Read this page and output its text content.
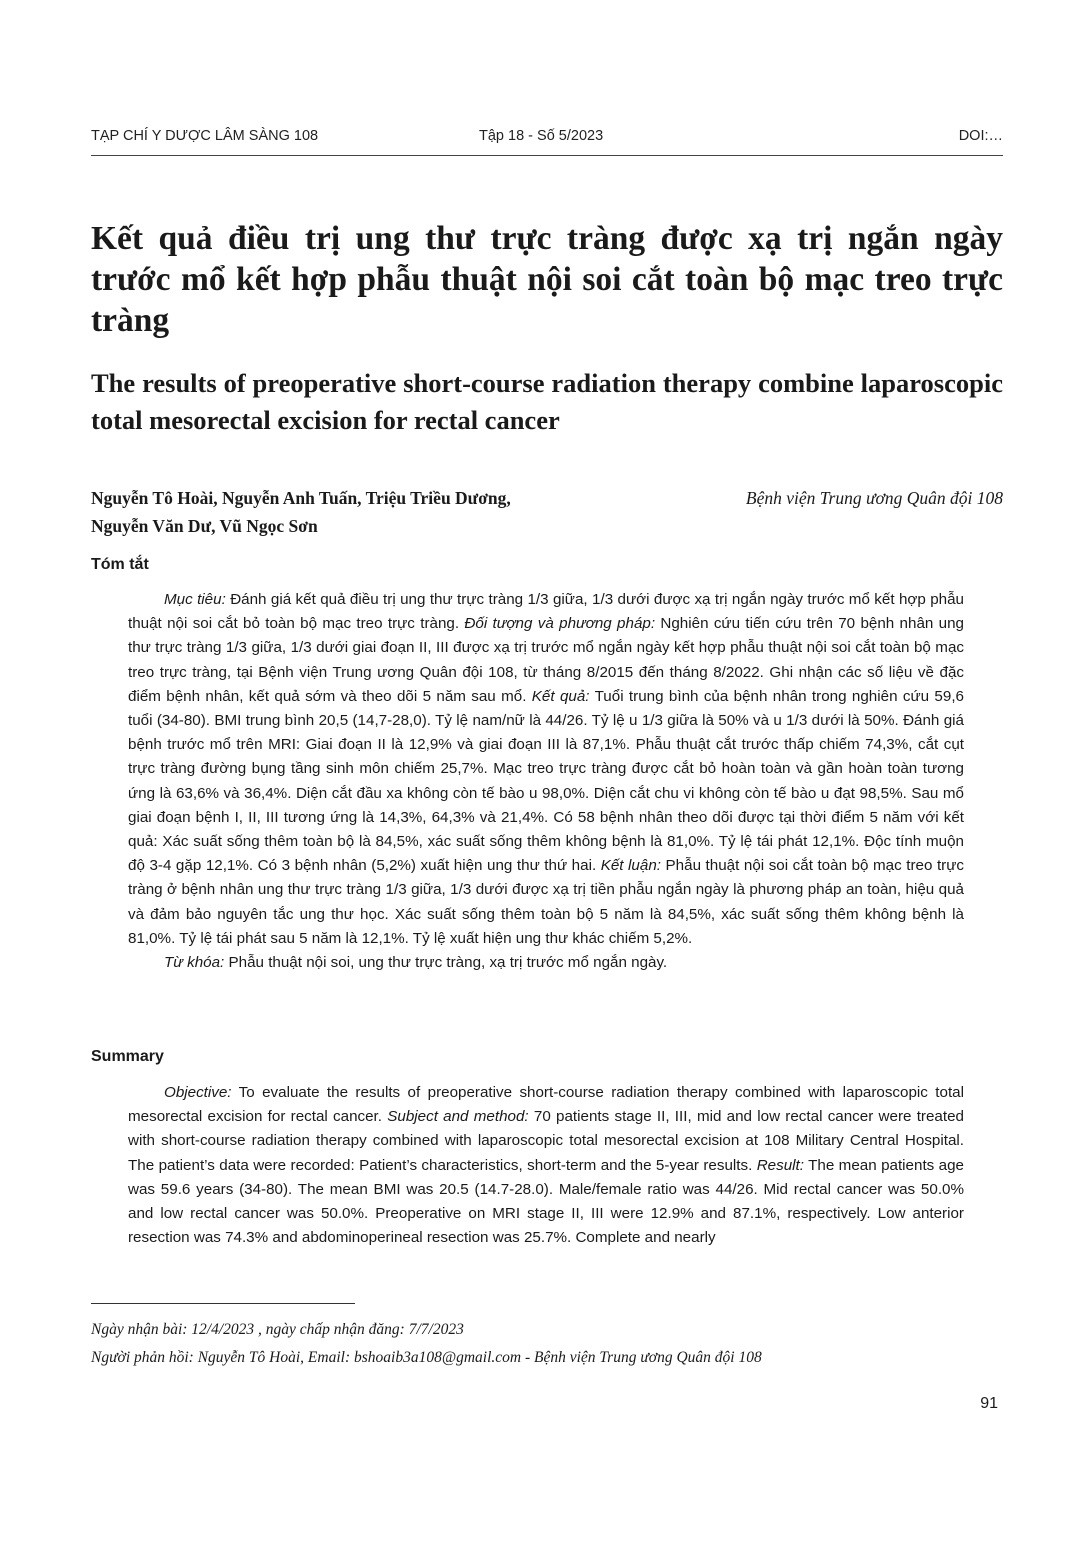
TẠP CHÍ Y DƯỢC LÂM SÀNG 108	Tập 18 - Số 5/2023	DOI:…
Kết quả điều trị ung thư trực tràng được xạ trị ngắn ngày trước mổ kết hợp phẫu thuật nội soi cắt toàn bộ mạc treo trực tràng
The results of preoperative short-course radiation therapy combine laparoscopic total mesorectal excision for rectal cancer
Nguyễn Tô Hoài, Nguyễn Anh Tuấn, Triệu Triều Dương,
Nguyễn Văn Dư, Vũ Ngọc Sơn
Bệnh viện Trung ương Quân đội 108
Tóm tắt

Mục tiêu: Đánh giá kết quả điều trị ung thư trực tràng 1/3 giữa, 1/3 dưới được xạ trị ngắn ngày trước mổ kết hợp phẫu thuật nội soi cắt bỏ toàn bộ mạc treo trực tràng. Đối tượng và phương pháp: Nghiên cứu tiến cứu trên 70 bệnh nhân ung thư trực tràng 1/3 giữa, 1/3 dưới giai đoạn II, III được xạ trị trước mổ ngắn ngày kết hợp phẫu thuật nội soi cắt toàn bộ mạc treo trực tràng, tại Bệnh viện Trung ương Quân đội 108, từ tháng 8/2015 đến tháng 8/2022. Ghi nhận các số liệu về đặc điểm bệnh nhân, kết quả sớm và theo dõi 5 năm sau mổ. Kết quả: Tuổi trung bình của bệnh nhân trong nghiên cứu 59,6 tuổi (34-80). BMI trung bình 20,5 (14,7-28,0). Tỷ lệ nam/nữ là 44/26. Tỷ lệ u 1/3 giữa là 50% và u 1/3 dưới là 50%. Đánh giá bệnh trước mổ trên MRI: Giai đoạn II là 12,9% và giai đoạn III là 87,1%. Phẫu thuật cắt trước thấp chiếm 74,3%, cắt cụt trực tràng đường bụng tầng sinh môn chiếm 25,7%. Mạc treo trực tràng được cắt bỏ hoàn toàn và gần hoàn toàn tương ứng là 63,6% và 36,4%. Diện cắt đầu xa không còn tế bào u 98,0%. Diện cắt chu vi không còn tế bào u đạt 98,5%. Sau mổ giai đoạn bệnh I, II, III tương ứng là 14,3%, 64,3% và 21,4%. Có 58 bệnh nhân theo dõi được tại thời điểm 5 năm với kết quả: Xác suất sống thêm toàn bộ là 84,5%, xác suất sống thêm không bệnh là 81,0%. Tỷ lệ tái phát 12,1%. Độc tính muộn độ 3-4 gặp 12,1%. Có 3 bệnh nhân (5,2%) xuất hiện ung thư thứ hai. Kết luận: Phẫu thuật nội soi cắt toàn bộ mạc treo trực tràng ở bệnh nhân ung thư trực tràng 1/3 giữa, 1/3 dưới được xạ trị tiền phẫu ngắn ngày là phương pháp an toàn, hiệu quả và đảm bảo nguyên tắc ung thư học. Xác suất sống thêm toàn bộ 5 năm là 84,5%, xác suất sống thêm không bệnh là 81,0%. Tỷ lệ tái phát sau 5 năm là 12,1%. Tỷ lệ xuất hiện ung thư khác chiếm 5,2%.

Từ khóa: Phẫu thuật nội soi, ung thư trực tràng, xạ trị trước mổ ngắn ngày.

Summary

Objective: To evaluate the results of preoperative short-course radiation therapy combined with laparoscopic total mesorectal excision for rectal cancer. Subject and method: 70 patients stage II, III, mid and low rectal cancer were treated with short-course radiation therapy combined with laparoscopic total mesorectal excision at 108 Military Central Hospital. The patient’s data were recorded: Patient’s characteristics, short-term and the 5-year results. Result: The mean patients age was 59.6 years (34-80). The mean BMI was 20.5 (14.7-28.0). Male/female ratio was 44/26. Mid rectal cancer was 50.0% and low rectal cancer was 50.0%. Preoperative on MRI stage II, III were 12.9% and 87.1%, respectively. Low anterior resection was 74.3% and abdominoperineal resection was 25.7%. Complete and nearly

Ngày nhận bài: 12/4/2023 , ngày chấp nhận đăng: 7/7/2023

Người phản hồi: Nguyễn Tô Hoài, Email: bshoaib3a108@gmail.com - Bệnh viện Trung ương Quân đội 108

91
